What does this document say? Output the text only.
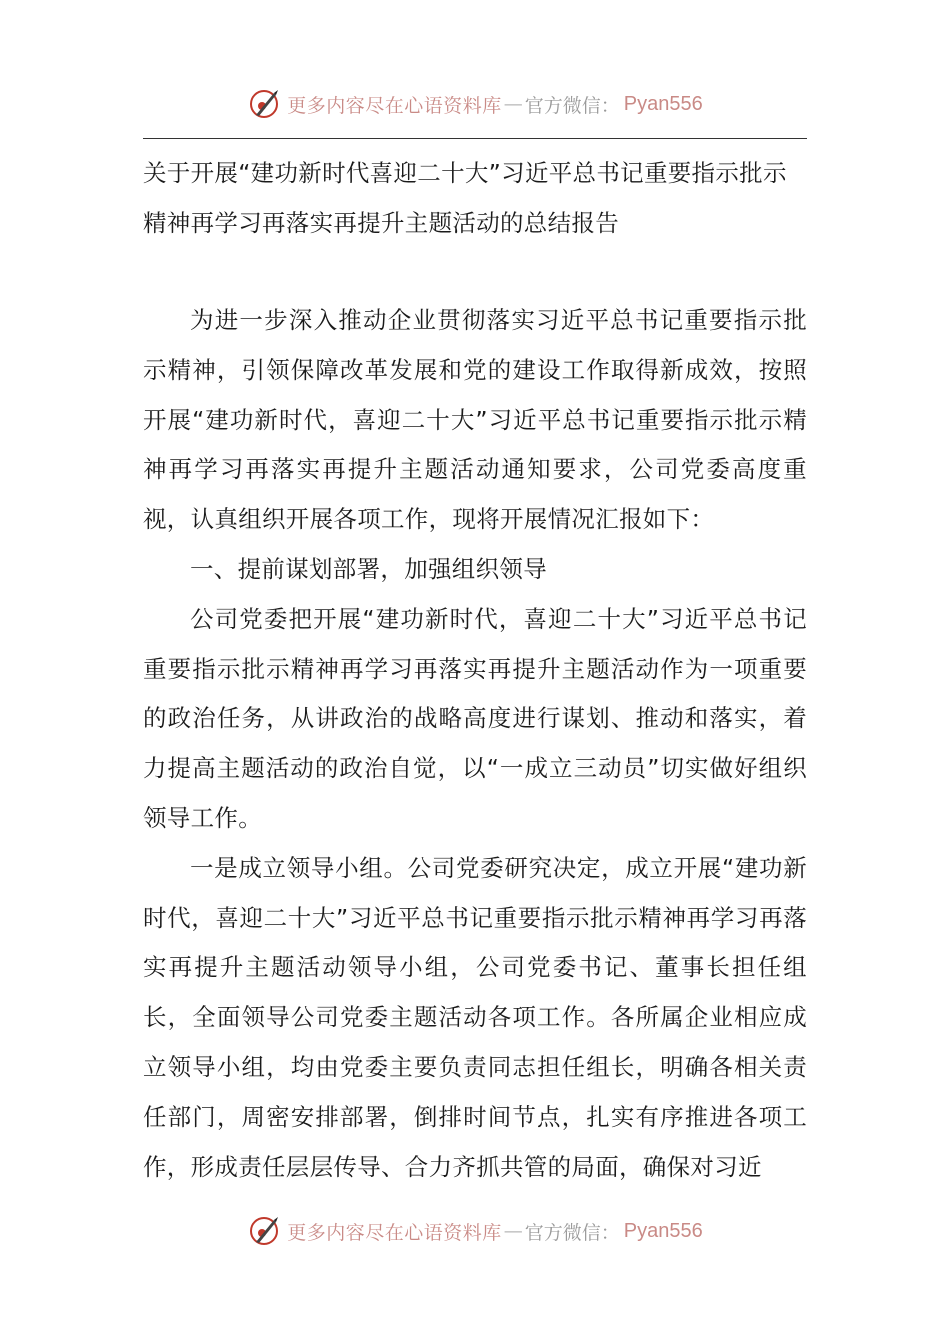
更多内容尽在心语资料库 — 官方微信： Pyan556
关于开展“建功新时代喜迎二十大”习近平总书记重要指示批示精神再学习再落实再提升主题活动的总结报告

为进一步深入推动企业贯彻落实习近平总书记重要指示批示精神，引领保障改革发展和党的建设工作取得新成效，按照开展“建功新时代，喜迎二十大”习近平总书记重要指示批示精神再学习再落实再提升主题活动通知要求，公司党委高度重视，认真组织开展各项工作，现将开展情况汇报如下：

一、提前谋划部署，加强组织领导

公司党委把开展“建功新时代，喜迎二十大”习近平总书记重要指示批示精神再学习再落实再提升主题活动作为一项重要的政治任务，从讲政治的战略高度进行谋划、推动和落实，着力提高主题活动的政治自觉，以“一成立三动员”切实做好组织领导工作。

一是成立领导小组。公司党委研究决定，成立开展“建功新时代，喜迎二十大”习近平总书记重要指示批示精神再学习再落实再提升主题活动领导小组，公司党委书记、董事长担任组长，全面领导公司党委主题活动各项工作。各所属企业相应成立领导小组，均由党委主要负责同志担任组长，明确各相关责任部门，周密安排部署，倒排时间节点，扎实有序推进各项工作，形成责任层层传导、合力齐抓共管的局面，确保对习近

更多内容尽在心语资料库 — 官方微信： Pyan556
